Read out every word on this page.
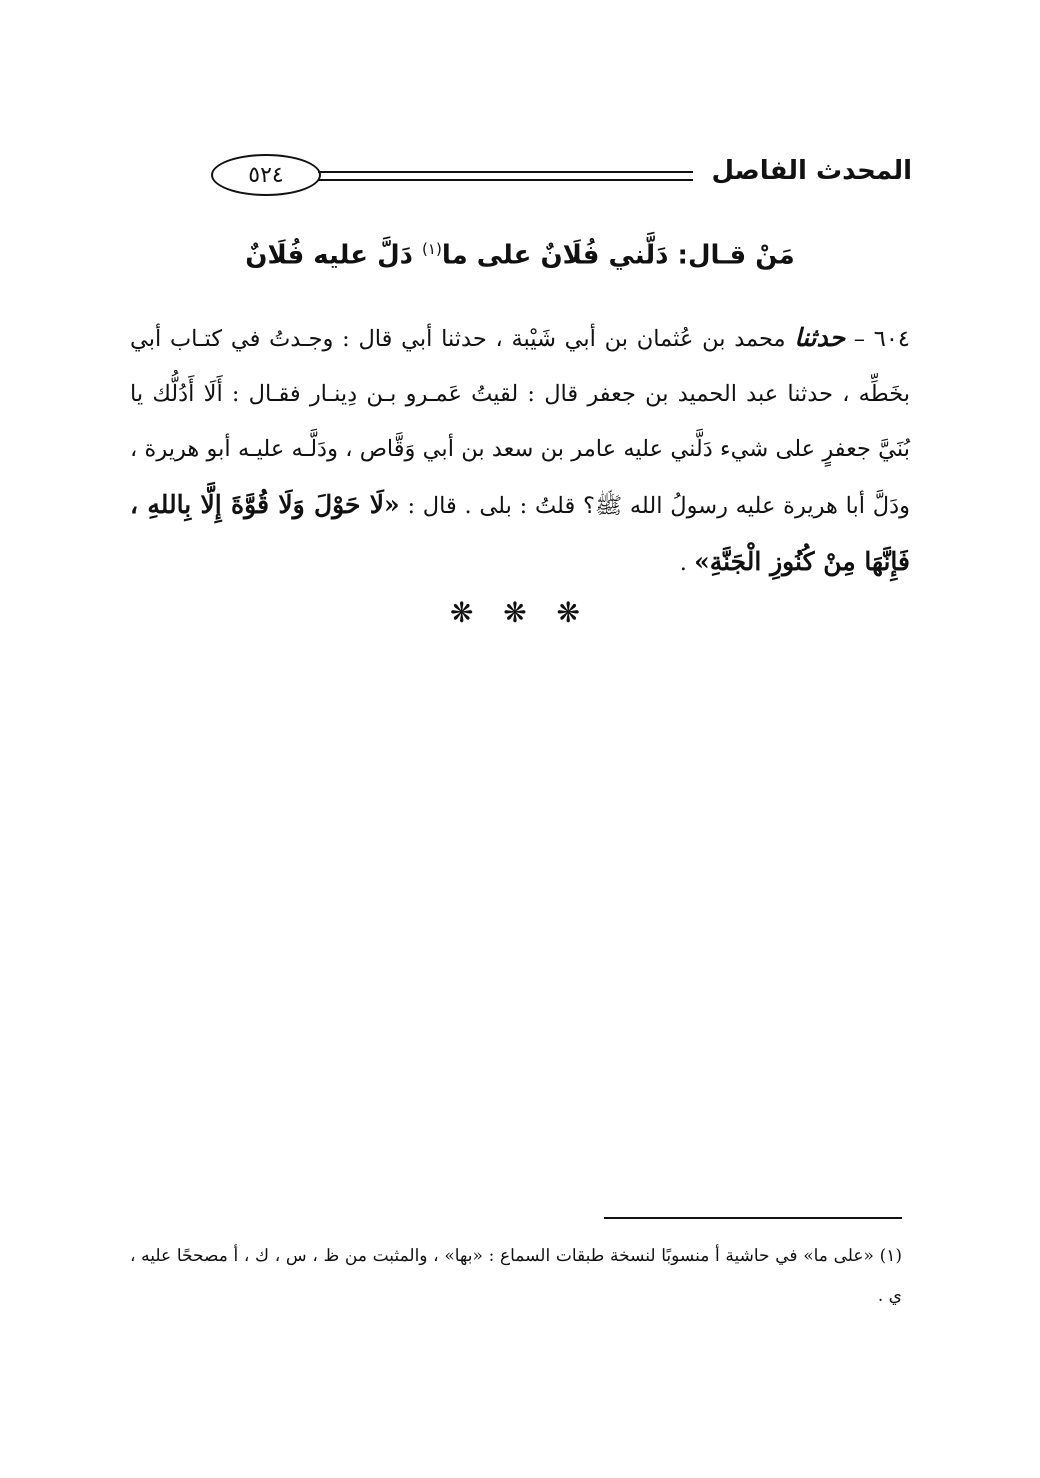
المحدث الفاصل
٥٢٤
مَنْ قـال: دَلَّني فُلَانٌ على ما$^{(١)}$ دَلَّ عليه فُلَانٌ
٦٠٤ – حدثنا محمد بن عُثمان بن أبي شَيْبة ، حدثنا أبي قال : وجـدتُ في كتـاب أبي بخَطِّه ، حدثنا عبد الحميد بن جعفر قال : لقيتُ عَمـرو بـن دِينـار فقـال : أَلَا أَدُلُّك يا بُنَيَّ جعفرٍ على شيء دَلَّني عليه عامر بن سعد بن أبي وَقَّاص ، ودَلَّـه عليـه أبو هريرة ، ودَلَّ أبا هريرة عليه رسولُ الله ﷺ؟ قلتُ : بلى . قال : «لَا حَوْلَ وَلَا قُوَّةَ إِلَّا بِاللهِ ، فَإِنَّهَا مِنْ كُنُوزِ الْجَنَّةِ» .
❋ ❋ ❋
(١) «على ما» في حاشية أ منسوبًا لنسخة طبقات السماع : «بها» ، والمثبت من ظ ، س ، ك ، أ مصححًا عليه ، ي .
